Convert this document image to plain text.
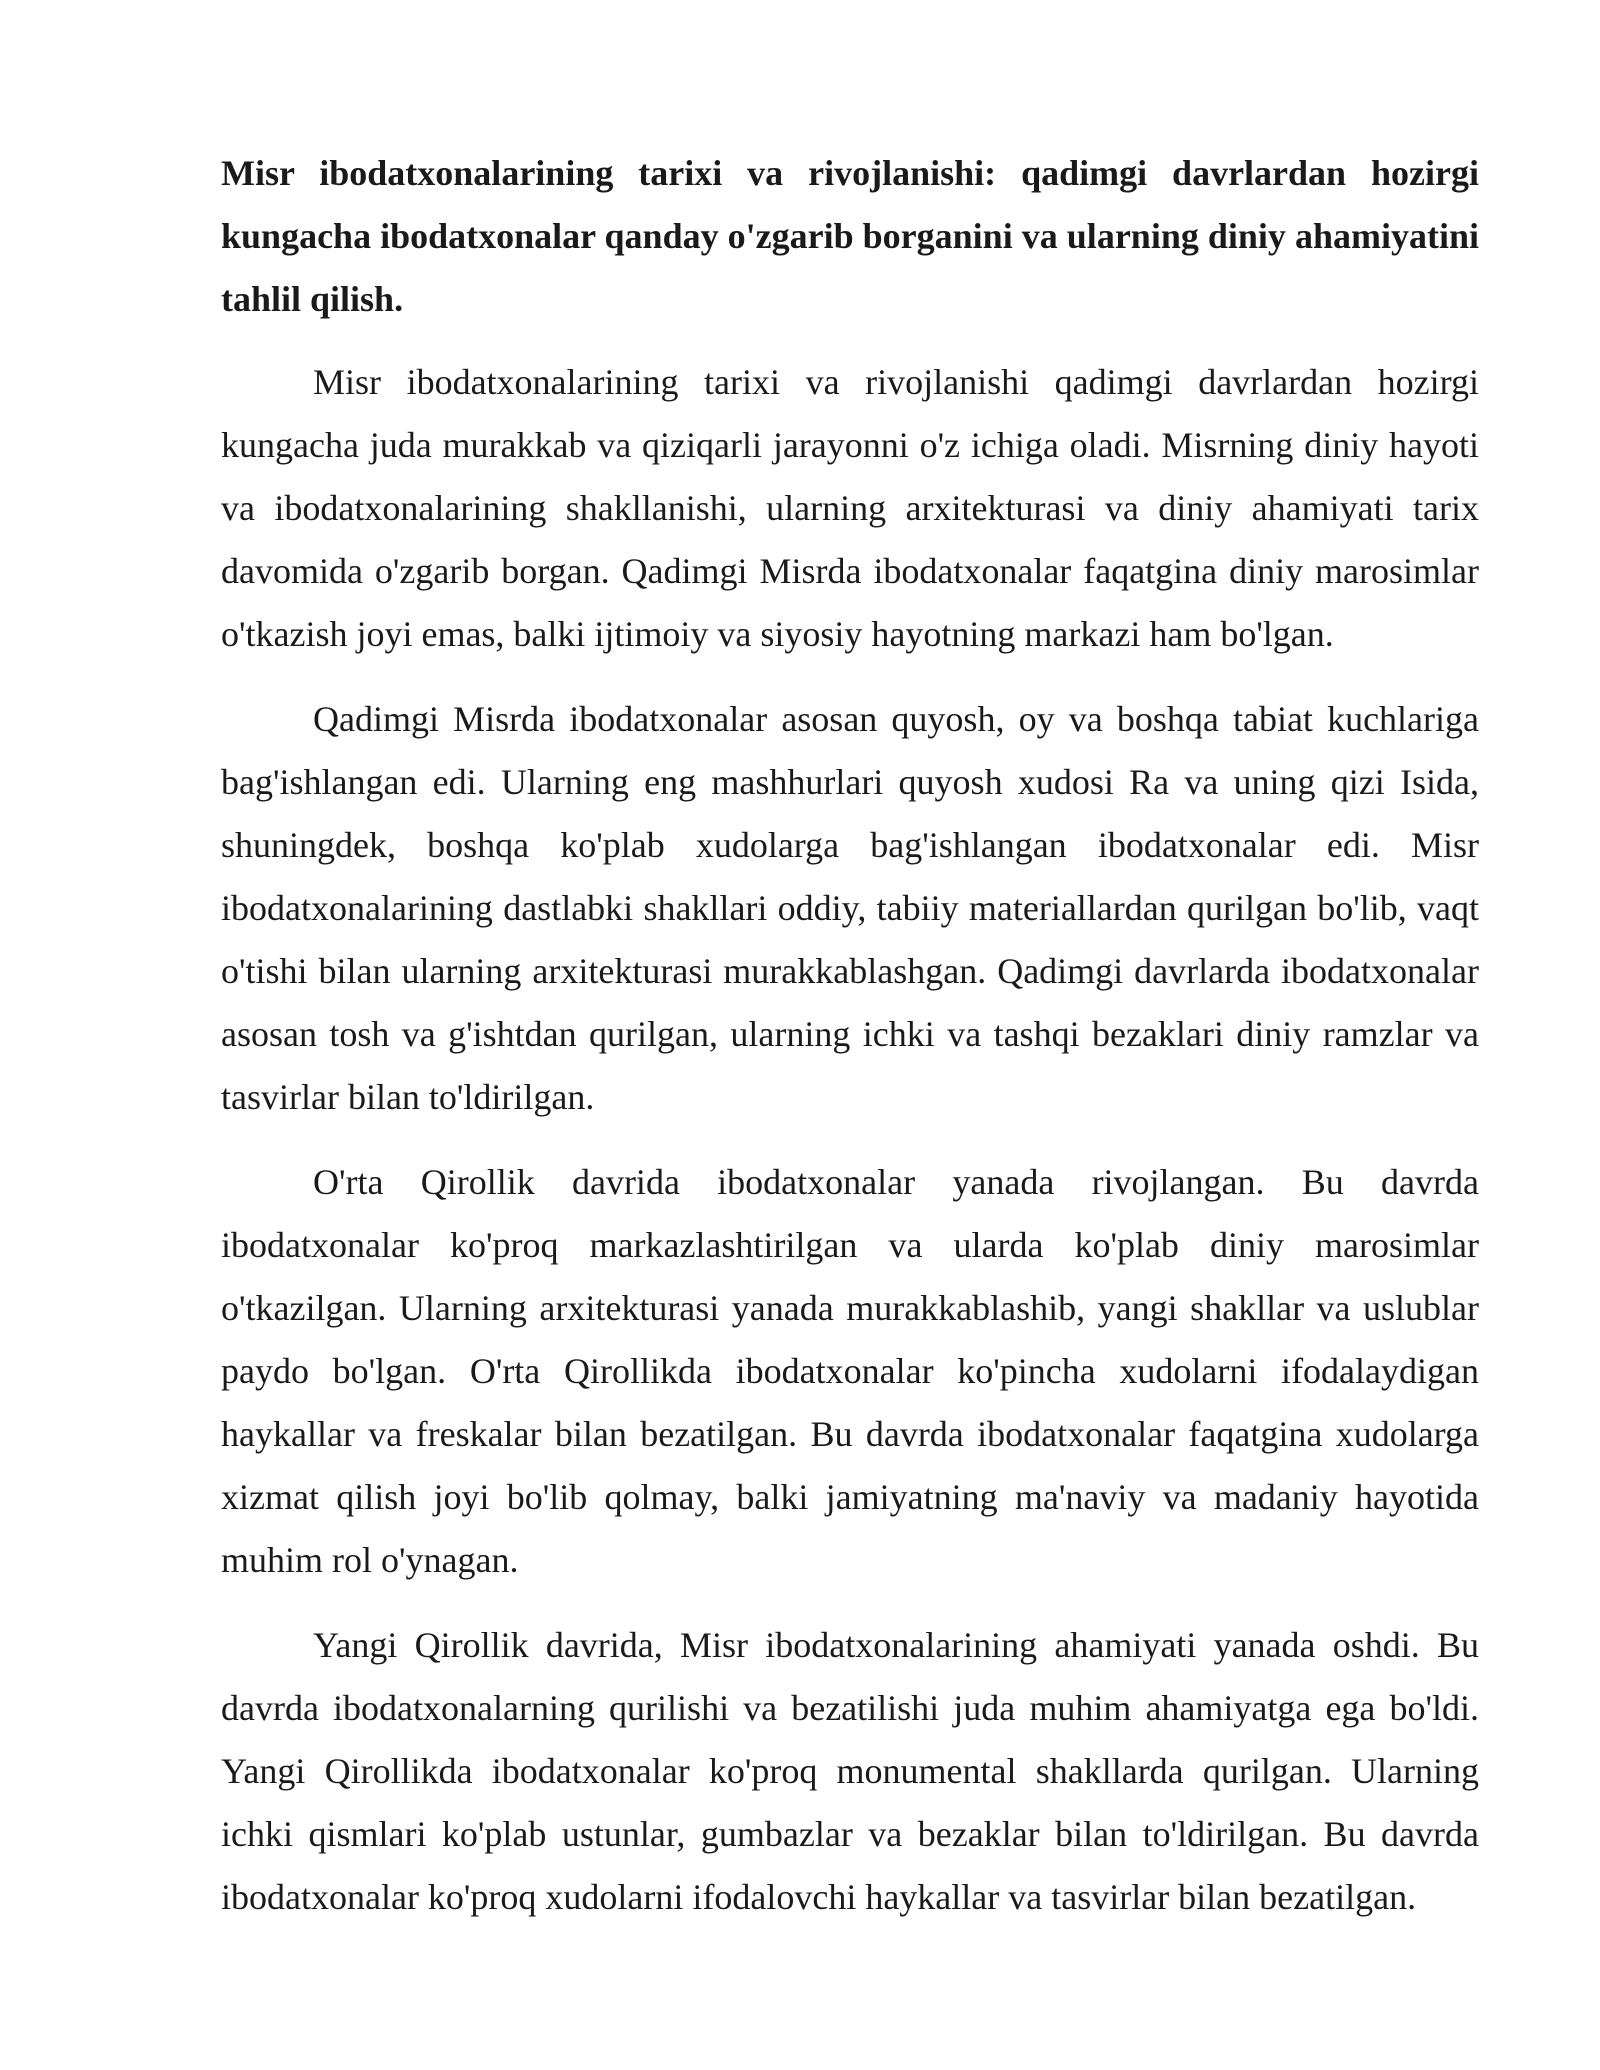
Misr ibodatxonalarining tarixi va rivojlanishi: qadimgi davrlardan hozirgi kungacha ibodatxonalar qanday o'zgarib borganini va ularning diniy ahamiyatini tahlil qilish.

Misr ibodatxonalarining tarixi va rivojlanishi qadimgi davrlardan hozirgi kungacha juda murakkab va qiziqarli jarayonni o'z ichiga oladi. Misrning diniy hayoti va ibodatxonalarining shakllanishi, ularning arxitekturasi va diniy ahamiyati tarix davomida o'zgarib borgan. Qadimgi Misrda ibodatxonalar faqatgina diniy marosimlar o'tkazish joyi emas, balki ijtimoiy va siyosiy hayotning markazi ham bo'lgan.

Qadimgi Misrda ibodatxonalar asosan quyosh, oy va boshqa tabiat kuchlariga bag'ishlangan edi. Ularning eng mashhurlari quyosh xudosi Ra va uning qizi Isida, shuningdek, boshqa ko'plab xudolarga bag'ishlangan ibodatxonalar edi. Misr ibodatxonalarining dastlabki shakllari oddiy, tabiiy materiallardan qurilgan bo'lib, vaqt o'tishi bilan ularning arxitekturasi murakkablashgan. Qadimgi davrlarda ibodatxonalar asosan tosh va g'ishtdan qurilgan, ularning ichki va tashqi bezaklari diniy ramzlar va tasvirlar bilan to'ldirilgan.

O'rta Qirollik davrida ibodatxonalar yanada rivojlangan. Bu davrda ibodatxonalar ko'proq markazlashtirilgan va ularda ko'plab diniy marosimlar o'tkazilgan. Ularning arxitekturasi yanada murakkablashib, yangi shakllar va uslublar paydo bo'lgan. O'rta Qirollikda ibodatxonalar ko'pincha xudolarni ifodalaydigan haykallar va freskalar bilan bezatilgan. Bu davrda ibodatxonalar faqatgina xudolarga xizmat qilish joyi bo'lib qolmay, balki jamiyatning ma'naviy va madaniy hayotida muhim rol o'ynagan.

Yangi Qirollik davrida, Misr ibodatxonalarining ahamiyati yanada oshdi. Bu davrda ibodatxonalarning qurilishi va bezatilishi juda muhim ahamiyatga ega bo'ldi. Yangi Qirollikda ibodatxonalar ko'proq monumental shakllarda qurilgan. Ularning ichki qismlari ko'plab ustunlar, gumbazlar va bezaklar bilan to'ldirilgan. Bu davrda ibodatxonalar ko'proq xudolarni ifodalovchi haykallar va tasvirlar bilan bezatilgan.
